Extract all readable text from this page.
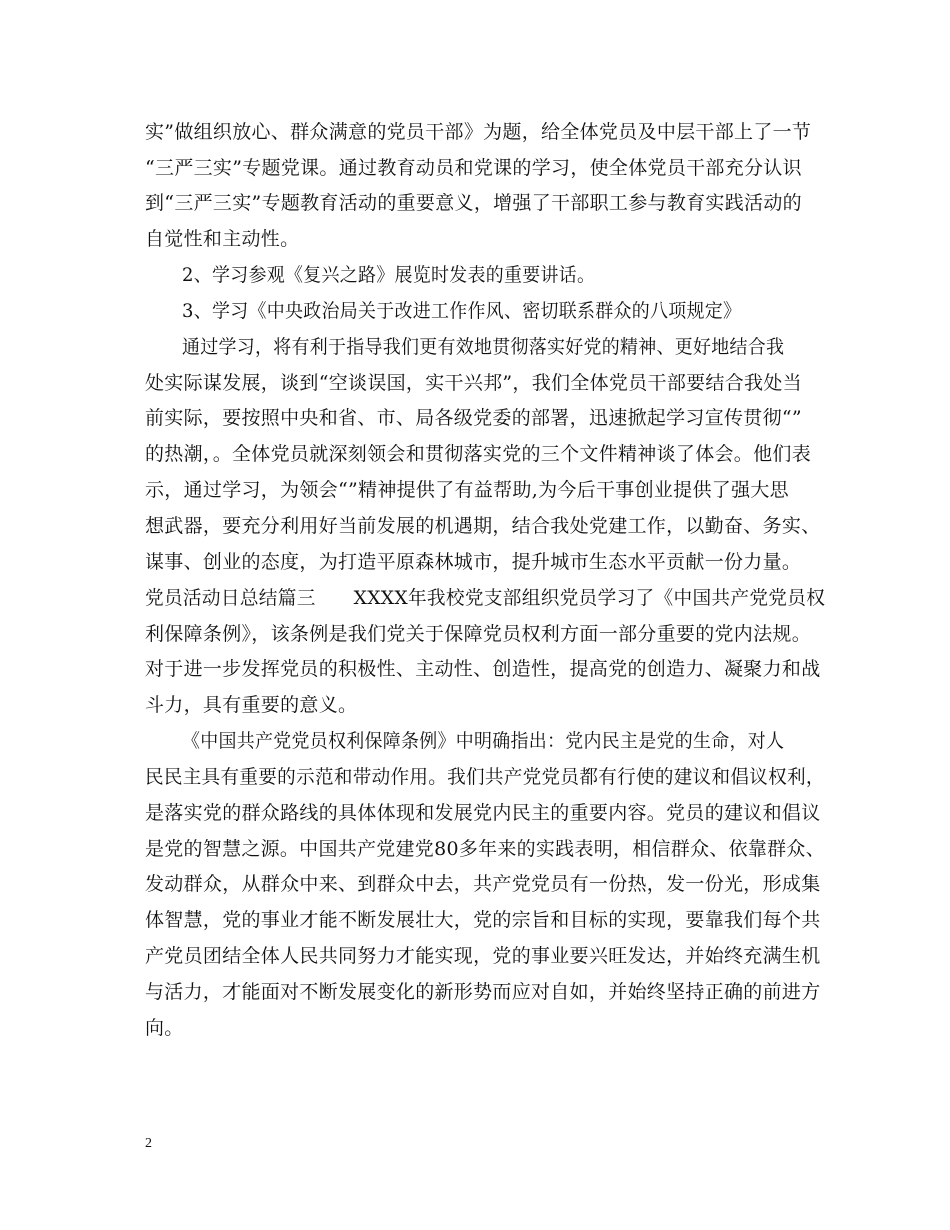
实”做组织放心、群众满意的党员干部》为题，给全体党员及中层干部上了一节
“三严三实”专题党课。通过教育动员和党课的学习，使全体党员干部充分认识
到“三严三实”专题教育活动的重要意义，增强了干部职工参与教育实践活动的
自觉性和主动性。
2、学习参观《复兴之路》展览时发表的重要讲话。
3、学习《中央政治局关于改进工作作风、密切联系群众的八项规定》
通过学习，将有利于指导我们更有效地贯彻落实好党的精神、更好地结合我
处实际谋发展，谈到“空谈误国，实干兴邦”，我们全体党员干部要结合我处当
前实际，要按照中央和省、市、局各级党委的部署，迅速掀起学习宣传贯彻“”
的热潮，。全体党员就深刻领会和贯彻落实党的三个文件精神谈了体会。他们表
示，通过学习，为领会“”精神提供了有益帮助,为今后干事创业提供了强大思
想武器，要充分利用好当前发展的机遇期，结合我处党建工作，以勤奋、务实、
谋事、创业的态度，为打造平原森林城市，提升城市生态水平贡献一份力量。
党员活动日总结篇三　　XXXX年我校党支部组织党员学习了《中国共产党党员权
利保障条例》，该条例是我们党关于保障党员权利方面一部分重要的党内法规。
对于进一步发挥党员的积极性、主动性、创造性，提高党的创造力、凝聚力和战
斗力，具有重要的意义。
《中国共产党党员权利保障条例》中明确指出：党内民主是党的生命，对人
民民主具有重要的示范和带动作用。我们共产党党员都有行使的建议和倡议权利，
是落实党的群众路线的具体体现和发展党内民主的重要内容。党员的建议和倡议
是党的智慧之源。中国共产党建党80多年来的实践表明，相信群众、依靠群众、
发动群众，从群众中来、到群众中去，共产党党员有一份热，发一份光，形成集
体智慧，党的事业才能不断发展壮大，党的宗旨和目标的实现，要靠我们每个共
产党员团结全体人民共同努力才能实现，党的事业要兴旺发达，并始终充满生机
与活力，才能面对不断发展变化的新形势而应对自如，并始终坚持正确的前进方
向。
2
